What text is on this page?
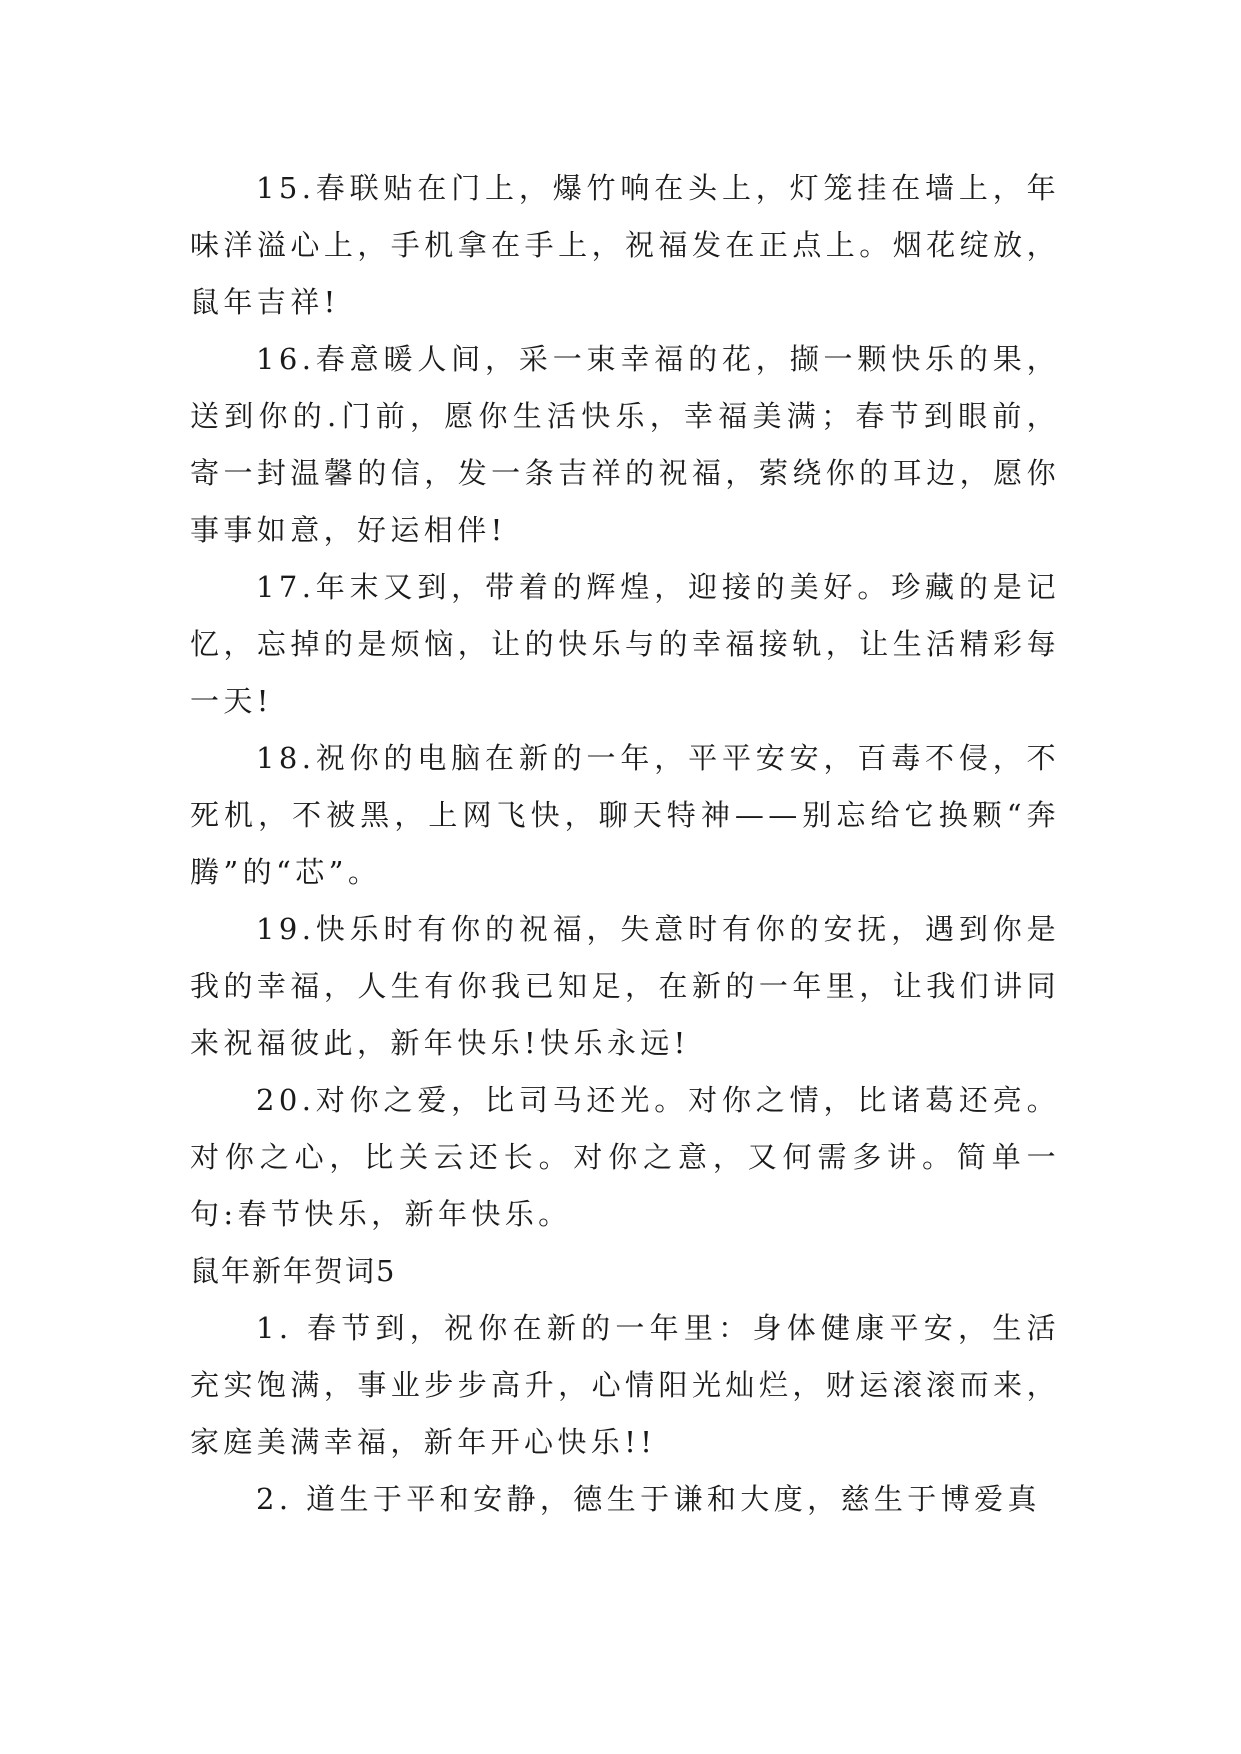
15.春联贴在门上，爆竹响在头上，灯笼挂在墙上，年味洋溢心上，手机拿在手上，祝福发在正点上。烟花绽放，鼠年吉祥!

16.春意暖人间，采一束幸福的花，撷一颗快乐的果，送到你的.门前，愿你生活快乐，幸福美满；春节到眼前，寄一封温馨的信，发一条吉祥的祝福，萦绕你的耳边，愿你事事如意，好运相伴!

17.年末又到，带着的辉煌，迎接的美好。珍藏的是记忆，忘掉的是烦恼，让的快乐与的幸福接轨，让生活精彩每一天!

18.祝你的电脑在新的一年，平平安安，百毒不侵，不死机，不被黑，上网飞快，聊天特神——别忘给它换颗“奔腾”的“芯”。

19.快乐时有你的祝福，失意时有你的安抚，遇到你是我的幸福，人生有你我已知足，在新的一年里，让我们讲同来祝福彼此，新年快乐!快乐永远!

20.对你之爱，比司马还光。对你之情，比诸葛还亮。对你之心，比关云还长。对你之意，又何需多讲。简单一句:春节快乐，新年快乐。

鼠年新年贺词5

1. 春节到，祝你在新的一年里：身体健康平安，生活充实饱满，事业步步高升，心情阳光灿烂，财运滚滚而来，家庭美满幸福，新年开心快乐!!

2. 道生于平和安静，德生于谦和大度，慈生于博爱真
